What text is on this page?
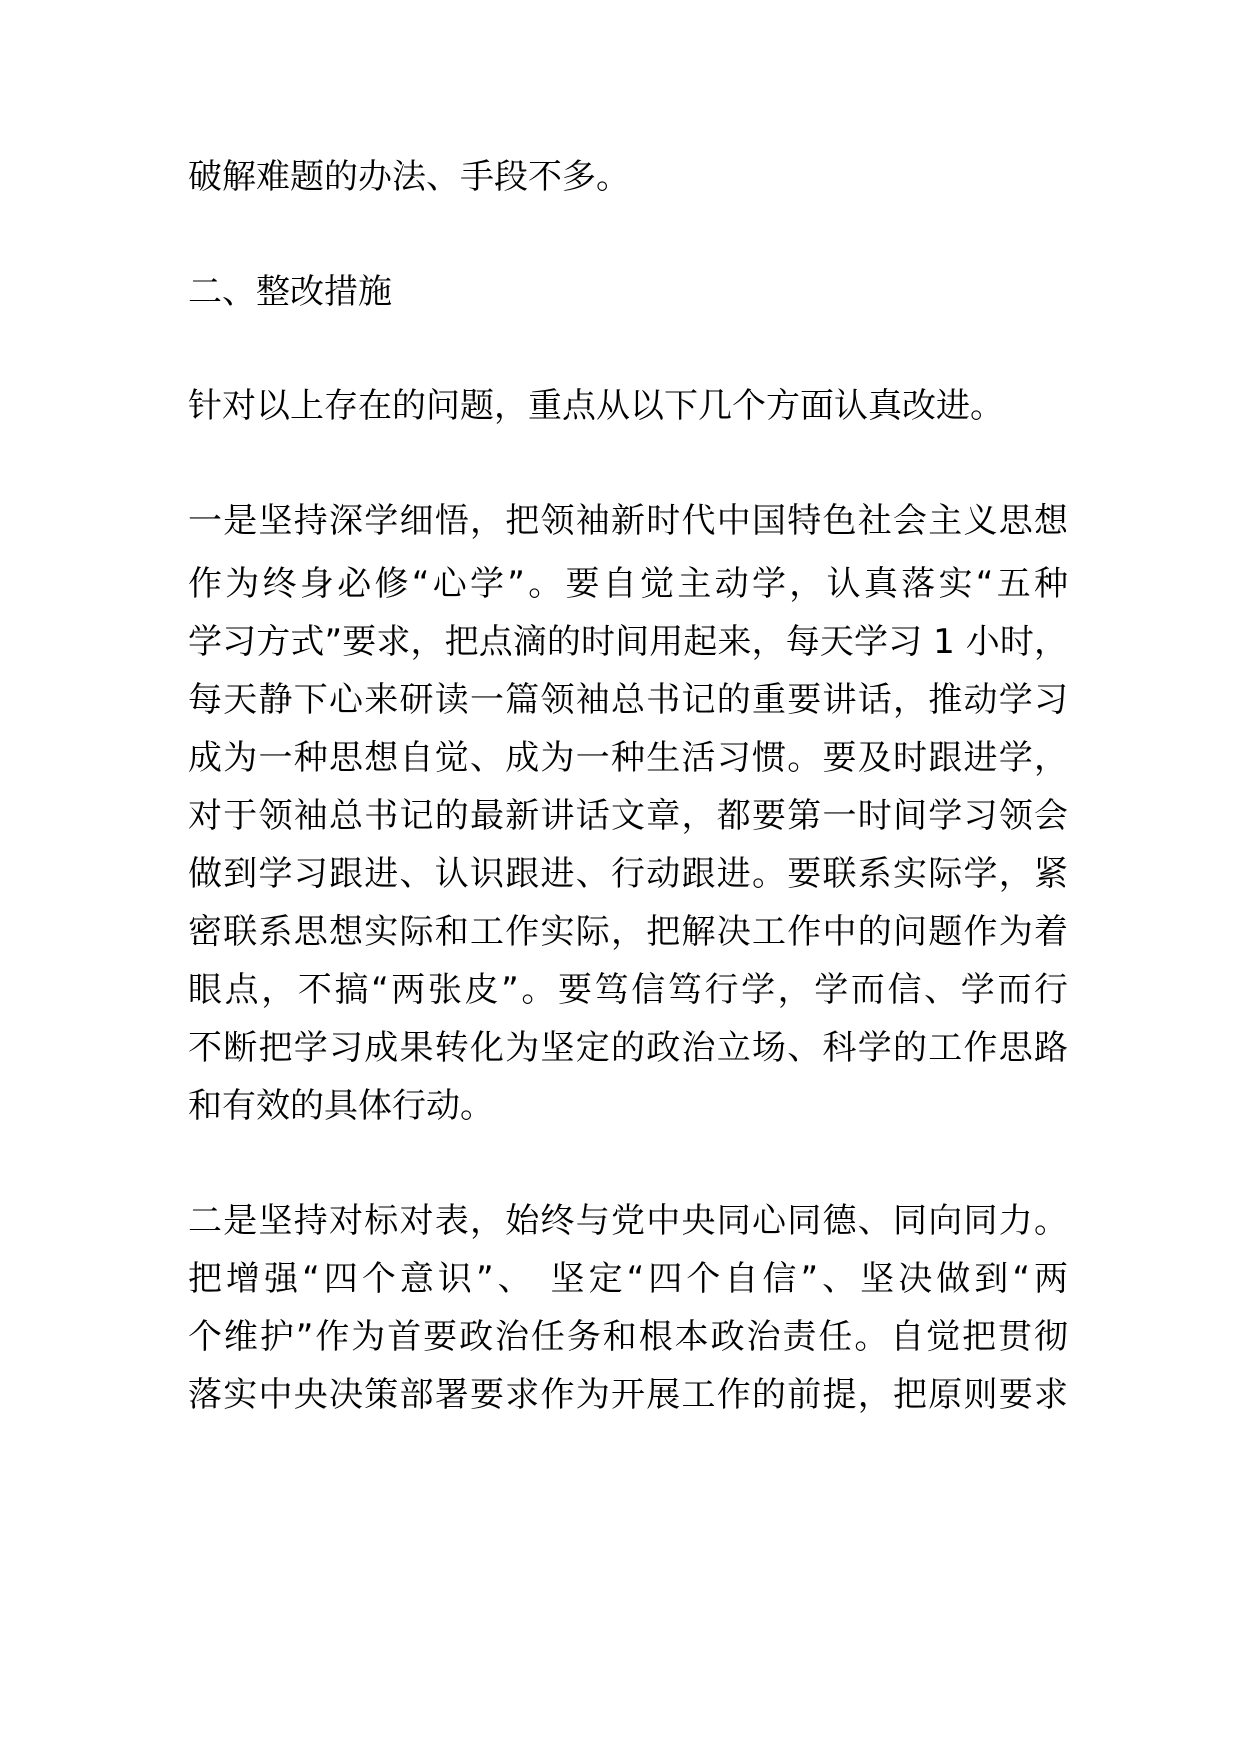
破解难题的办法、手段不多。
二、整改措施
针对以上存在的问题，重点从以下几个方面认真改进。
一是坚持深学细悟，把领袖新时代中国特色社会主义思想
作为终身必修“心学”。要自觉主动学，认真落实“五种
学习方式”要求，把点滴的时间用起来，每天学习 1 小时，
每天静下心来研读一篇领袖总书记的重要讲话，推动学习
成为一种思想自觉、成为一种生活习惯。要及时跟进学，
对于领袖总书记的最新讲话文章，都要第一时间学习领会
做到学习跟进、认识跟进、行动跟进。要联系实际学，紧
密联系思想实际和工作实际，把解决工作中的问题作为着
眼点，不搞“两张皮”。要笃信笃行学，学而信、学而行
不断把学习成果转化为坚定的政治立场、科学的工作思路
和有效的具体行动。
二是坚持对标对表，始终与党中央同心同德、同向同力。
把增强“四个意识”、 坚定“四个自信”、坚决做到“两
个维护”作为首要政治任务和根本政治责任。自觉把贯彻
落实中央决策部署要求作为开展工作的前提，把原则要求
